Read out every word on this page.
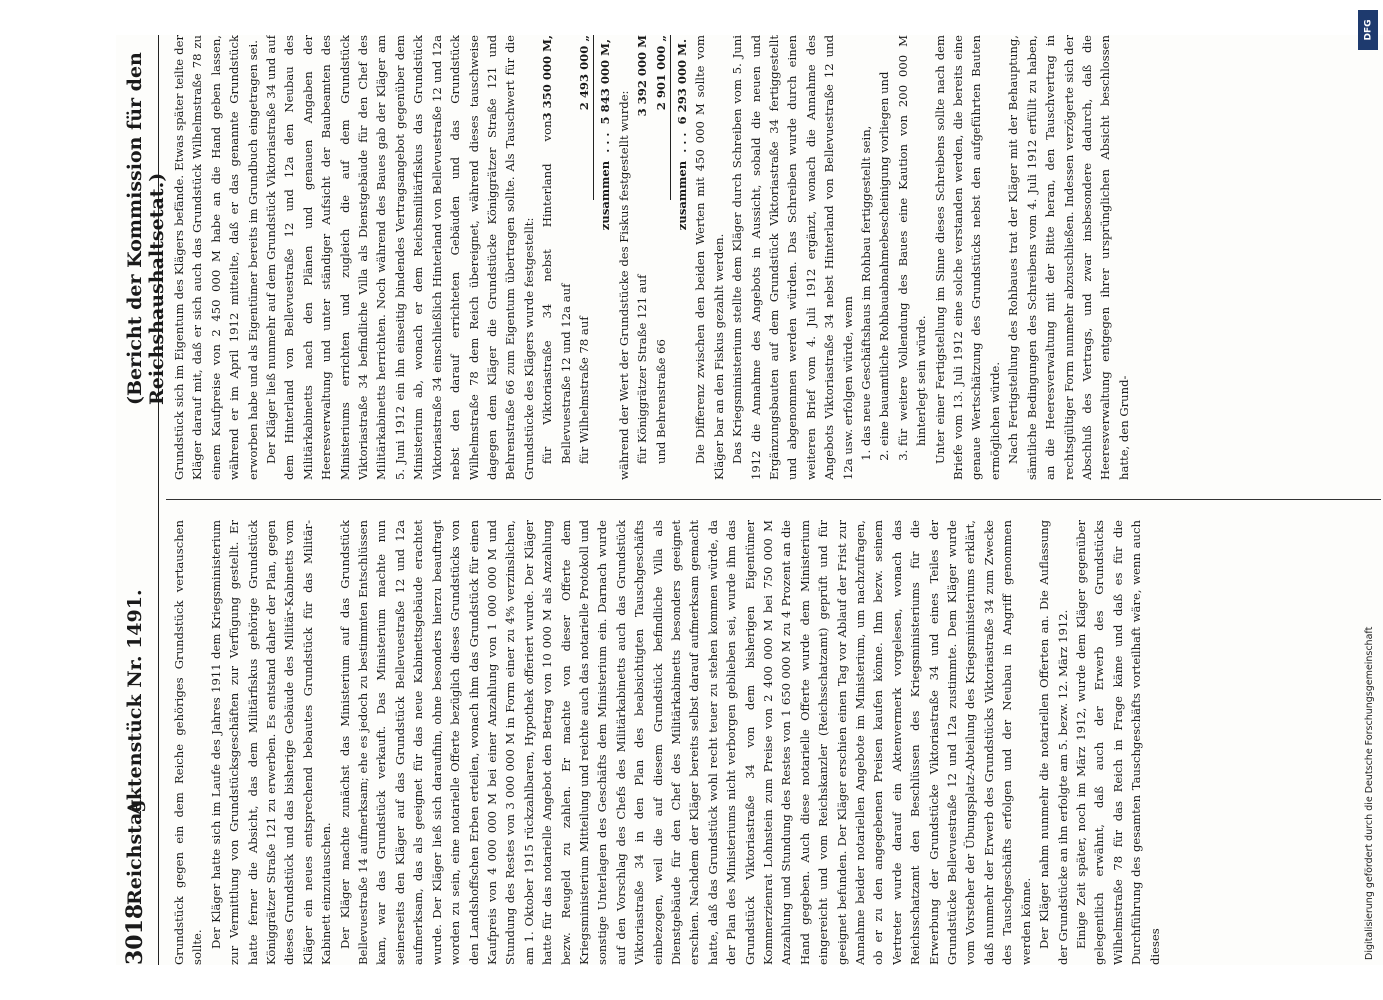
3018
Reichstag.
Aktenstück Nr. 1491.
(Bericht der Kommission für den Reichshaushaltsetat.)

Grundstück gegen ein dem Reiche gehöriges Grundstück vertauschen sollte. Der Kläger hatte sich im Laufe des Jahres 1911 dem Kriegsministerium zur Vermittlung von Grundstücksgeschäften zur Verfügung gestellt. Er hatte ferner die Absicht, das dem Militärfiskus gehörige Grundstück Königgrätzer Straße 121 zu erwerben. Es entstand daher der Plan, gegen dieses Grundstück und das bisherige Gebäude des Militär-Kabinetts vom Kläger ein neues entsprechend bebautes Grundstück für das Militär-Kabinett einzutauschen. Der Kläger machte zunächst das Ministerium auf das Grundstück Bellevuestraße 14 aufmerksam; ehe es jedoch zu bestimmten Entschlüssen kam, war das Grundstück verkauft. Das Ministerium machte nun seinerseits den Kläger auf das Grundstück Bellevuestraße 12 und 12a aufmerksam, das als geeignet für das neue Kabinettsgebäude erachtet wurde. Der Kläger ließ sich daraufhin, ohne besonders hierzu beauftragt worden zu sein, eine notarielle Offerte bezüglich dieses Grundstücks von den Landshoffschen Erben erteilen, wonach ihm das Grundstück für einen Kaufpreis von 4 000 000 M bei einer Anzahlung von 1 000 000 M und Stundung des Restes von 3 000 000 M in Form einer zu 4% verzinslichen, am 1. Oktober 1915 rückzahlbaren, Hypothek offeriert wurde. Der Kläger hatte für das notarielle Angebot den Betrag von 10 000 M als Anzahlung bezw. Reugeld zu zahlen. Er machte von dieser Offerte dem Kriegsministerium Mitteilung und reichte auch das notarielle Protokoll und sonstige Unterlagen des Geschäfts dem Ministerium ein. Darnach wurde auf den Vorschlag des Chefs des Militärkabinetts auch das Grundstück Viktoriastraße 34 in den Plan des beabsichtigten Tauschgeschäfts einbezogen, weil die auf diesem Grundstück befindliche Villa als Dienstgebäude für den Chef des Militärkabinetts besonders geeignet erschien. Nachdem der Kläger bereits selbst darauf aufmerksam gemacht hatte, daß das Grundstück wohl recht teuer zu stehen kommen würde, da der Plan des Ministeriums nicht verborgen geblieben sei, wurde ihm das Grundstück Viktoriastraße 34 von dem bisherigen Eigentümer Kommerzienrat Lohnstein zum Preise von 2 400 000 M bei 750 000 M Anzahlung und Stundung des Restes von 1 650 000 M zu 4 Prozent an die Hand gegeben. Auch diese notarielle Offerte wurde dem Ministerium eingereicht und vom Reichskanzler (Reichsschatzamt) geprüft und für geeignet befunden. Der Kläger erschien einen Tag vor Ablauf der Frist zur Annahme beider notariellen Angebote im Ministerium, um nachzufragen, ob er zu den angegebenen Preisen kaufen könne. Ihm bezw. seinem Vertreter wurde darauf ein Aktenvermerk vorgelesen, wonach das Reichsschatzamt den Beschlüssen des Kriegsministeriums für die Erwerbung der Grundstücke Viktoriastraße 34 und eines Teiles der Grundstücke Bellevuestraße 12 und 12a zustimmte. Dem Kläger wurde vom Vorsteher der Übungsplatz-Abteilung des Kriegsministeriums erklärt, daß nunmehr der Erwerb des Grundstücks Viktoriastraße 34 zum Zwecke des Tauschgeschäfts erfolgen und der Neubau in Angriff genommen werden könne. Der Kläger nahm nunmehr die notariellen Offerten an. Die Auflassung der Grundstücke an ihn erfolgte am 5. bezw. 12. März 1912. Einige Zeit später, noch im März 1912, wurde dem Kläger gegenüber gelegentlich erwähnt, daß auch der Erwerb des Grundstücks Wilhelmstraße 78 für das Reich in Frage käme und daß es für die Durchführung des gesamten Tauschgeschäfts vorteilhaft wäre, wenn auch dieses

Grundstück sich im Eigentum des Klägers befände. Etwas später teilte der Kläger darauf mit, daß er sich auch das Grundstück Wilhelmstraße 78 zu einem Kaufpreise von 2 450 000 M habe an die Hand geben lassen, während er im April 1912 mitteilte, daß er das genannte Grundstück erworben habe und als Eigentümer bereits im Grundbuch eingetragen sei. Der Kläger ließ nunmehr auf dem Grundstück Viktoriastraße 34 und auf dem Hinterland von Bellevuestraße 12 und 12a den Neubau des Militärkabinetts nach den Plänen und genauen Angaben der Heeresverwaltung und unter ständiger Aufsicht der Baubeamten des Ministeriums errichten und zugleich die auf dem Grundstück Viktoriastraße 34 befindliche Villa als Dienstgebäude für den Chef des Militärkabinetts herrichten. Noch während des Baues gab der Kläger am 5. Juni 1912 ein ihn einseitig bindendes Vertragsangebot gegenüber dem Ministerium ab, wonach er dem Reichsmilitärfiskus das Grundstück Viktoriastraße 34 einschließlich Hinterland von Bellevuestraße 12 und 12a nebst den darauf errichteten Gebäuden und das Grundstück Wilhelmstraße 78 dem Reich übereignet, während dieses tauschweise dagegen dem Kläger die Grundstücke Königgrätzer Straße 121 und Behrenstraße 66 zum Eigentum übertragen sollte. Als Tauschwert für die Grundstücke des Klägers wurde festgestellt: für Viktoriastraße 34 nebst Hinterland von Bellevuestraße 12 und 12a auf
3 350 000 M,
für Wilhelmstraße 78 auf
2 493 000 „
zusammen  . . .  5 843 000 M,

während der Wert der Grundstücke des Fiskus festgestellt wurde: für Königgrätzer Straße 121 auf
3 392 000 M
und Behrenstraße 66
2 901 000 „
zusammen  . . .  6 293 000 M. Die Differenz zwischen den beiden Werten mit 450 000 M sollte vom Kläger bar an den Fiskus gezahlt werden. Das Kriegsministerium stellte dem Kläger durch Schreiben vom 5. Juni 1912 die Annahme des Angebots in Aussicht, sobald die neuen und Ergänzungsbauten auf dem Grundstück Viktoriastraße 34 fertiggestellt und abgenommen werden würden. Das Schreiben wurde durch einen weiteren Brief vom 4. Juli 1912 ergänzt, wonach die Annahme des Angebots Viktoriastraße 34 nebst Hinterland von Bellevuestraße 12 und 12a usw. erfolgen würde, wenn 1. das neue Geschäftshaus im Rohbau fertiggestellt sein, 2. eine bauamtliche Rohbauabnahmebescheinigung vorliegen und 3. für weitere Vollendung des Baues eine Kaution von 200 000 M hinterlegt sein würde. Unter einer Fertigstellung im Sinne dieses Schreibens sollte nach dem Briefe vom 13. Juli 1912 eine solche verstanden werden, die bereits eine genaue Wertschätzung des Grundstücks nebst den aufgeführten Bauten ermöglichen würde. Nach Fertigstellung des Rohbaues trat der Kläger mit der Behauptung, sämtliche Bedingungen des Schreibens vom 4. Juli 1912 erfüllt zu haben, an die Heeresverwaltung mit der Bitte heran, den Tauschvertrag in rechtsgültiger Form nunmehr abzuschließen. Indessen verzögerte sich der Abschluß des Vertrags, und zwar insbesondere dadurch, daß die Heeresverwaltung entgegen ihrer ursprünglichen Absicht beschlossen hatte, den Grund-

DFG
Digitalisierung gefördert durch die Deutsche Forschungsgemeinschaft
